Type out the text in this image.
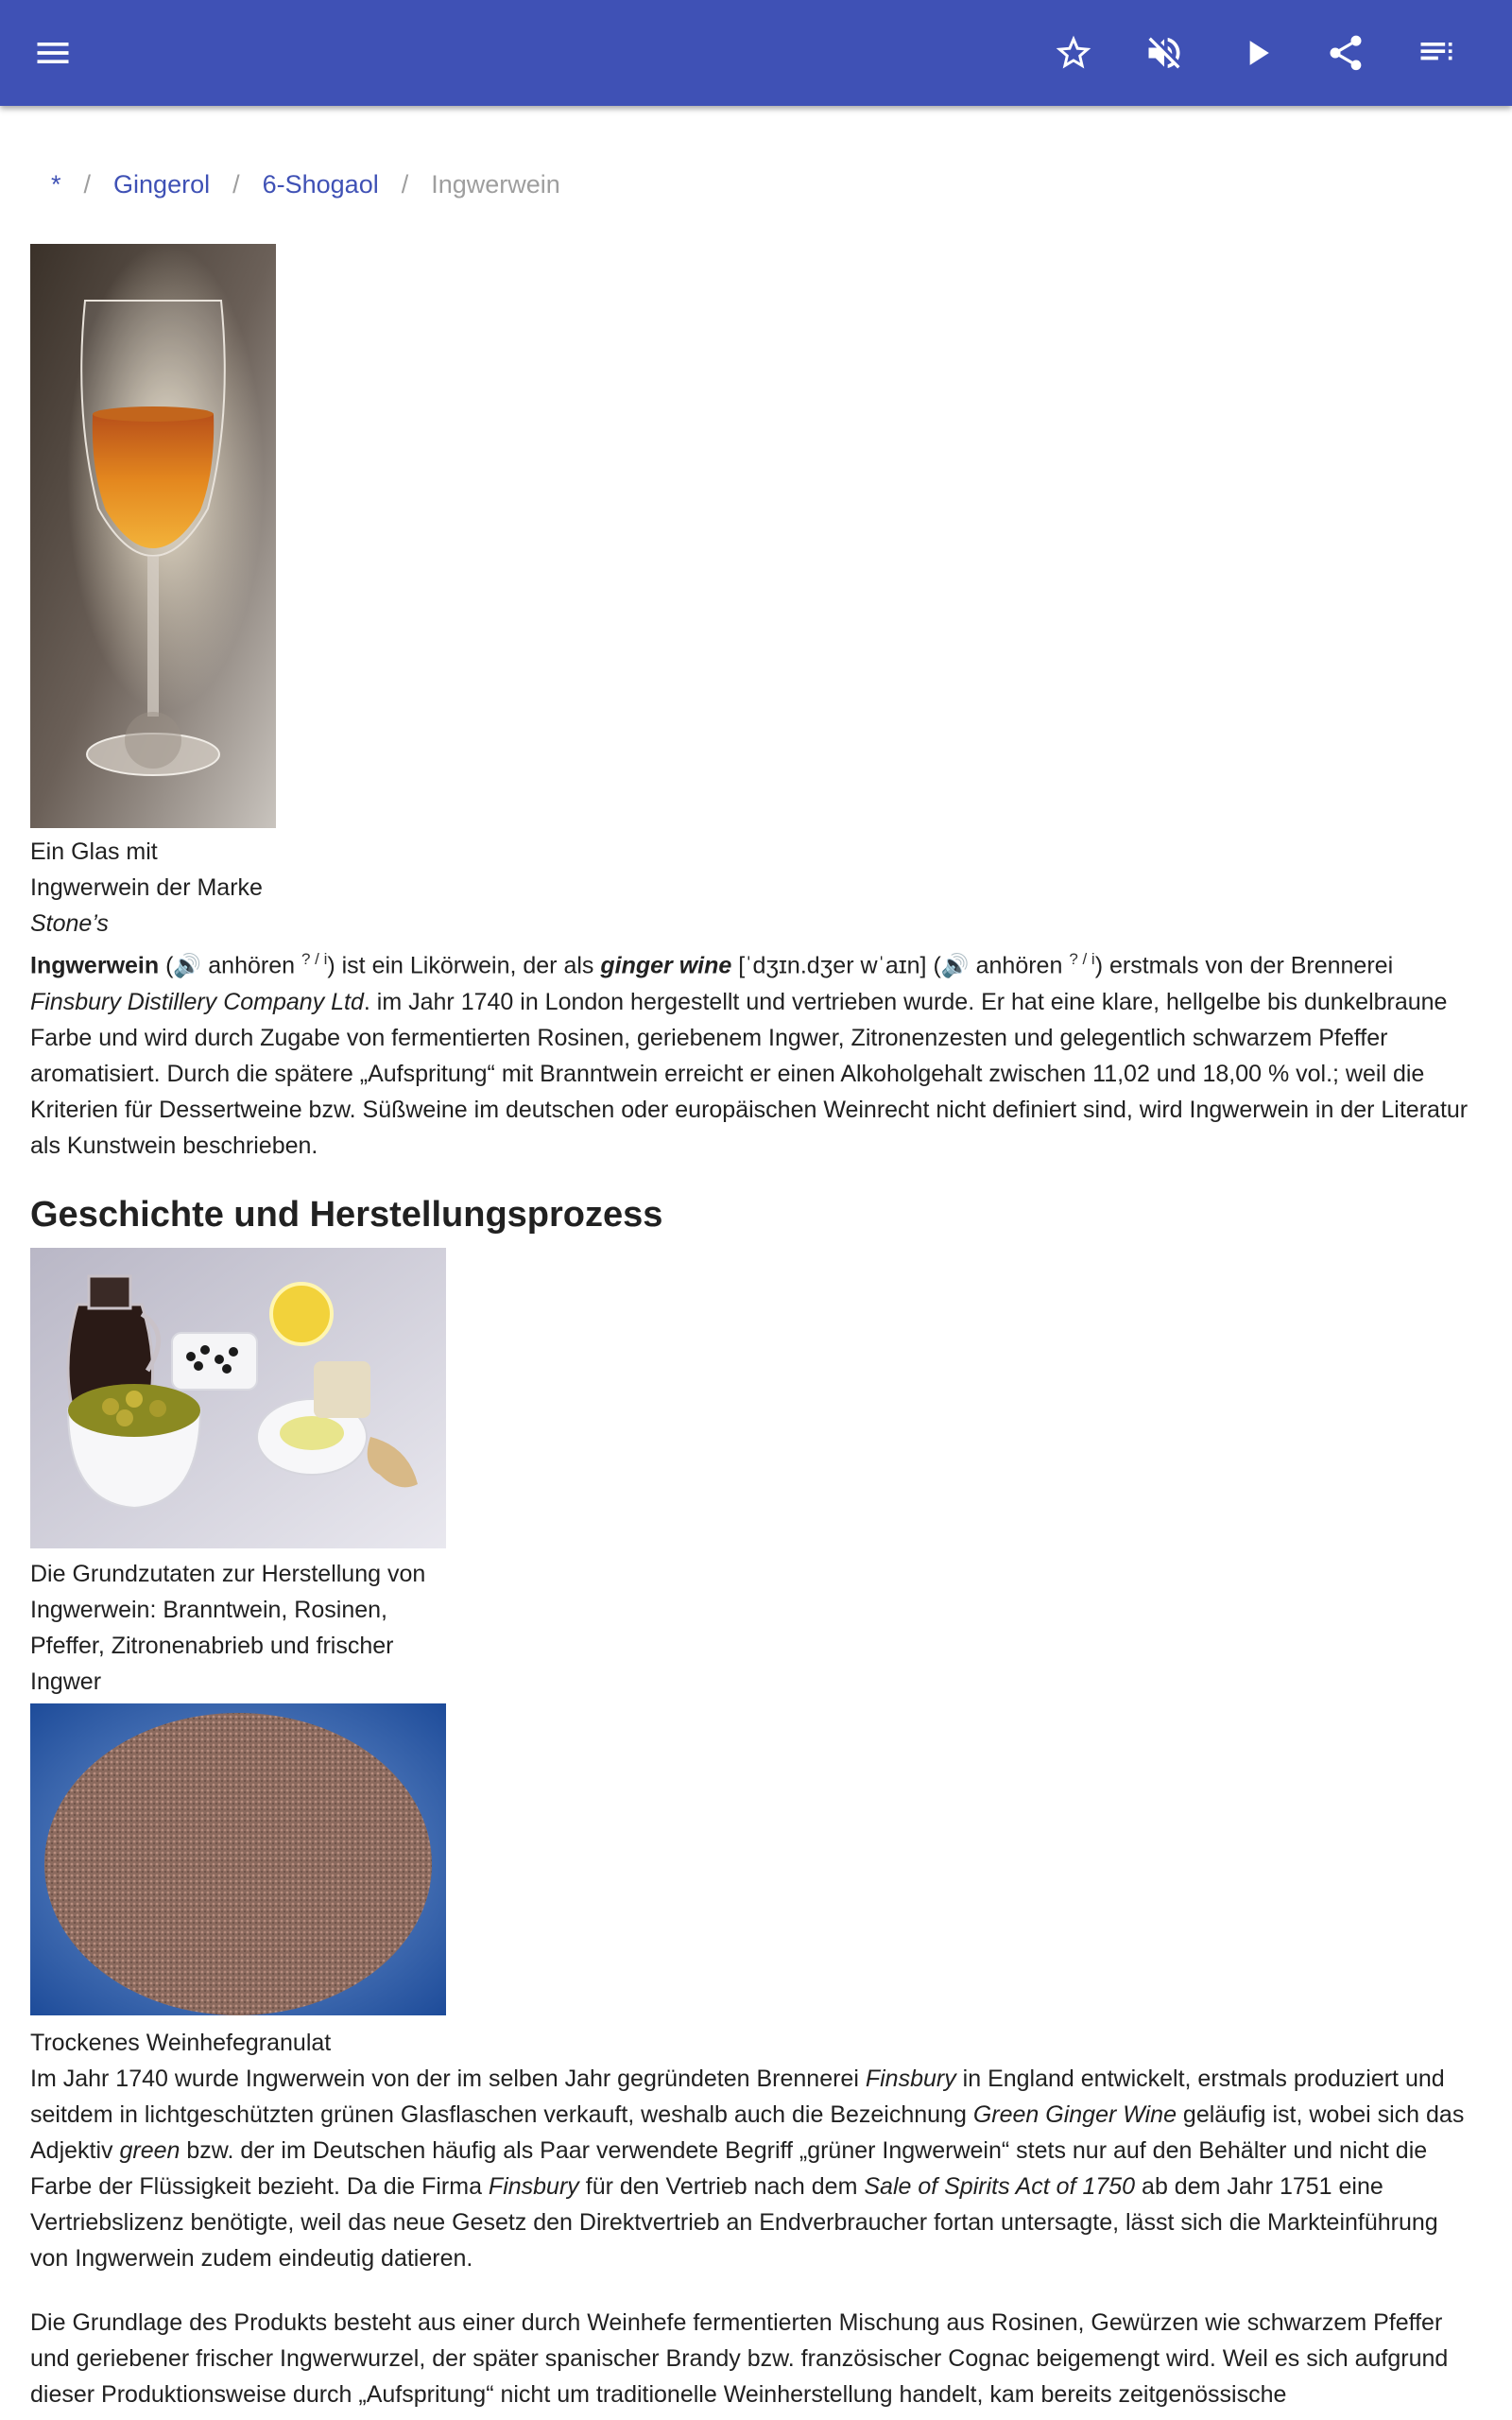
* / Gingerol / 6-Shogaol / Ingwerwein
Ein Glas mit
Ingwerwein der Marke
Stone’s

Ingwerwein (🔊 anhören $^{? / i}$) ist ein Likörwein, der als ginger wine [ˈdʒɪn.dʒer wˈaɪn] (🔊 anhören $^{? / i}$) erstmals von der Brennerei Finsbury Distillery Company Ltd. im Jahr 1740 in London hergestellt und vertrieben wurde. Er hat eine klare, hellgelbe bis dunkelbraune Farbe und wird durch Zugabe von fermentierten Rosinen, geriebenem Ingwer, Zitronenzesten und gelegentlich schwarzem Pfeffer aromatisiert. Durch die spätere „Aufspritung“ mit Branntwein erreicht er einen Alkoholgehalt zwischen 11,02 und 18,00 % vol.; weil die Kriterien für Dessertweine bzw. Süßweine im deutschen oder europäischen Weinrecht nicht definiert sind, wird Ingwerwein in der Literatur als Kunstwein beschrieben.

Geschichte und Herstellungsprozess
Die Grundzutaten zur Herstellung von
Ingwerwein: Branntwein, Rosinen,
Pfeffer, Zitronenabrieb und frischer
Ingwer
Trockenes Weinhefegranulat

Im Jahr 1740 wurde Ingwerwein von der im selben Jahr gegründeten Brennerei Finsbury in England entwickelt, erstmals produziert und seitdem in lichtgeschützten grünen Glasflaschen verkauft, weshalb auch die Bezeichnung Green Ginger Wine geläufig ist, wobei sich das Adjektiv green bzw. der im Deutschen häufig als Paar verwendete Begriff „grüner Ingwerwein“ stets nur auf den Behälter und nicht die Farbe der Flüssigkeit bezieht. Da die Firma Finsbury für den Vertrieb nach dem Sale of Spirits Act of 1750 ab dem Jahr 1751 eine Vertriebslizenz benötigte, weil das neue Gesetz den Direktvertrieb an Endverbraucher fortan untersagte, lässt sich die Markteinführung von Ingwerwein zudem eindeutig datieren.

Die Grundlage des Produkts besteht aus einer durch Weinhefe fermentierten Mischung aus Rosinen, Gewürzen wie schwarzem Pfeffer und geriebener frischer Ingwerwurzel, der später spanischer Brandy bzw. französischer Cognac beigemengt wird. Weil es sich aufgrund dieser Produktionsweise durch „Aufspritung“ nicht um traditionelle Weinherstellung handelt, kam bereits zeitgenössische
